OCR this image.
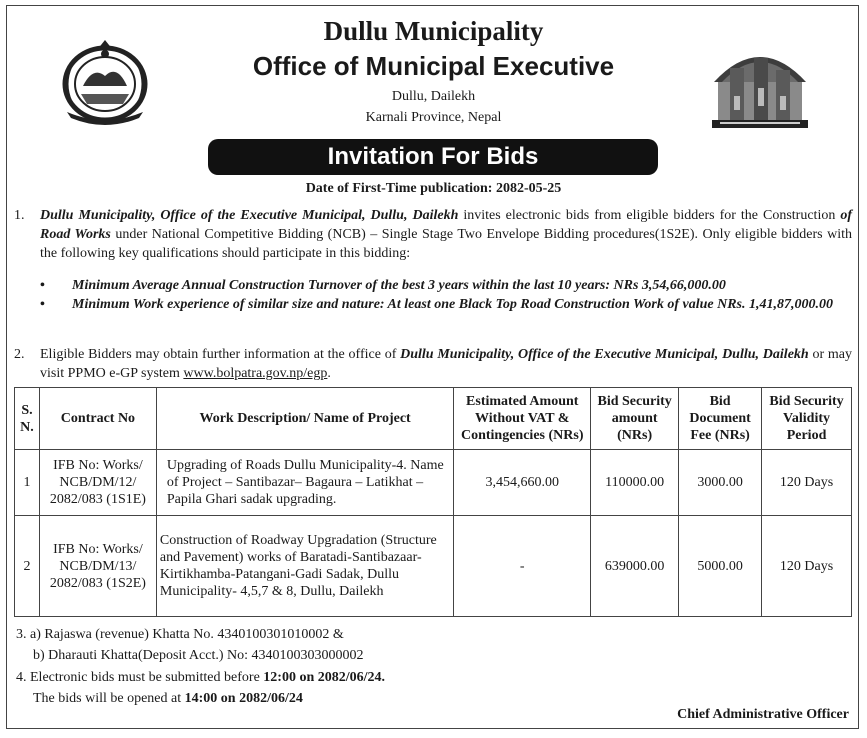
Dullu Municipality
Office of Municipal Executive
Dullu, Dailekh
Karnali Province, Nepal
Invitation For Bids
Date of First-Time publication: 2082-05-25
1. Dullu Municipality, Office of the Executive Municipal, Dullu, Dailekh invites electronic bids from eligible bidders for the Construction of Road Works under National Competitive Bidding (NCB) – Single Stage Two Envelope Bidding procedures(1S2E). Only eligible bidders with the following key qualifications should participate in this bidding:
• Minimum Average Annual Construction Turnover of the best 3 years within the last 10 years: NRs 3,54,66,000.00
• Minimum Work experience of similar size and nature: At least one Black Top Road Construction Work of value NRs. 1,41,87,000.00
2. Eligible Bidders may obtain further information at the office of Dullu Municipality, Office of the Executive Municipal, Dullu, Dailekh or may visit PPMO e-GP system www.bolpatra.gov.np/egp.
S. N.	Contract No	Work Description/ Name of Project	Estimated Amount Without VAT & Contingencies (NRs)	Bid Security amount (NRs)	Bid Document Fee (NRs)	Bid Security Validity Period
1	IFB No: Works/ NCB/DM/12/ 2082/083 (1S1E)	Upgrading of Roads Dullu Municipality-4. Name of Project – Santibazar– Bagaura – Latikhat – Papila Ghari sadak upgrading.	3,454,660.00	110000.00	3000.00	120 Days
2	IFB No: Works/ NCB/DM/13/ 2082/083 (1S2E)	Construction of Roadway Upgradation (Structure and Pavement) works of Baratadi-Santibazaar-Kirtikhamba-Patangani-Gadi Sadak, Dullu Municipality- 4,5,7 & 8, Dullu, Dailekh	-	639000.00	5000.00	120 Days
3. a) Rajaswa (revenue) Khatta No. 4340100301010002 &
b) Dharauti Khatta(Deposit Acct.) No: 4340100303000002
4. Electronic bids must be submitted before 12:00 on 2082/06/24.
The bids will be opened at 14:00 on 2082/06/24
Chief Administrative Officer
